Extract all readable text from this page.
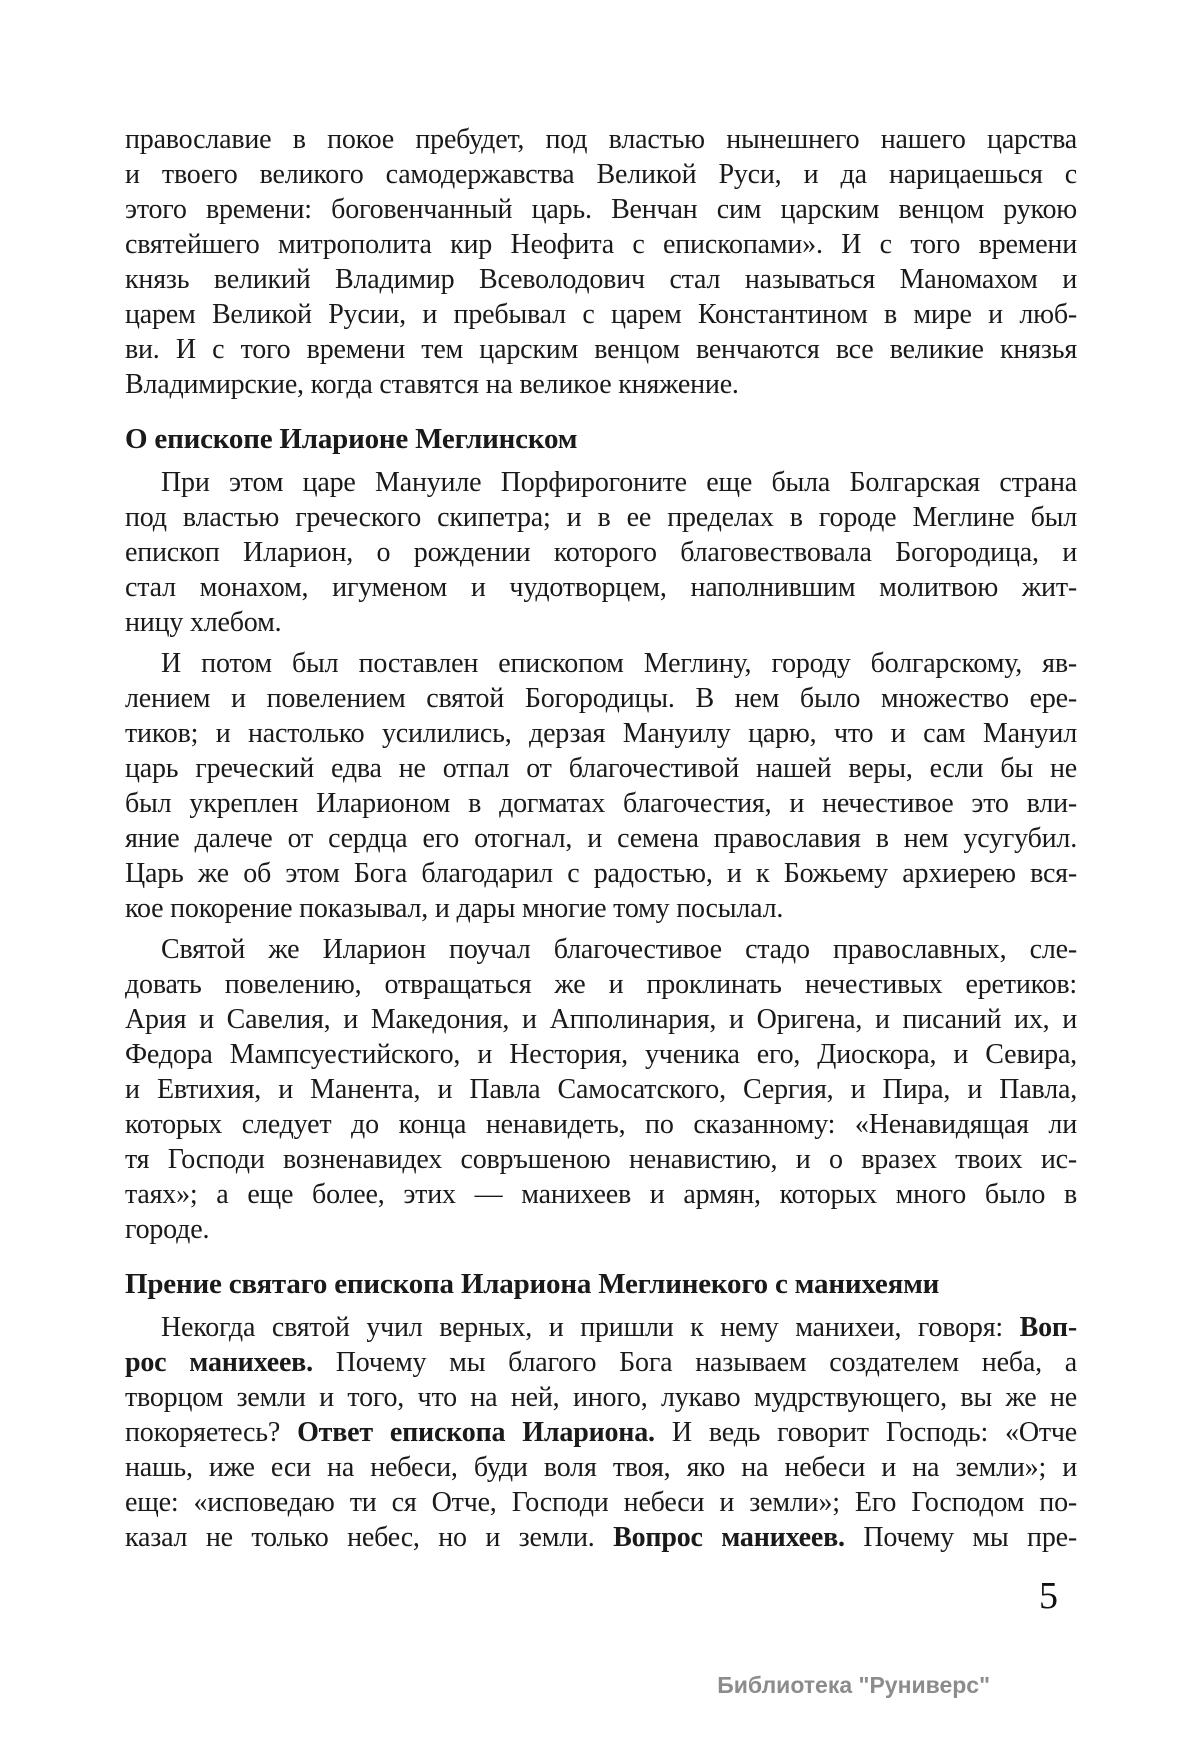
православие в покое пребудет, под властью нынешнего нашего царства
и твоего великого самодержавства Великой Руси, и да нарицаешься с
этого времени: боговенчанный царь. Венчан сим царским венцом рукою
святейшего митрополита кир Неофита с епископами». И с того времени
князь великий Владимир Всеволодович стал называться Маномахом и
царем Великой Русии, и пребывал с царем Константином в мире и люб-
ви. И с того времени тем царским венцом венчаются все великие князья
Владимирские, когда ставятся на великое княжение.
О епископе Иларионе Меглинском
При этом царе Мануиле Порфирогоните еще была Болгарская страна
под властью греческого скипетра; и в ее пределах в городе Меглине был
епископ Иларион, о рождении которого благовествовала Богородица, и
стал монахом, игуменом и чудотворцем, наполнившим молитвою жит-
ницу хлебом.
И потом был поставлен епископом Меглину, городу болгарскому, яв-
лением и повелением святой Богородицы. В нем было множество ере-
тиков; и настолько усилились, дерзая Мануилу царю, что и сам Мануил
царь греческий едва не отпал от благочестивой нашей веры, если бы не
был укреплен Иларионом в догматах благочестия, и нечестивое это вли-
яние далече от сердца его отогнал, и семена православия в нем усугубил.
Царь же об этом Бога благодарил с радостью, и к Божьему архиерею вся-
кое покорение показывал, и дары многие тому посылал.
Святой же Иларион поучал благочестивое стадо православных, сле-
довать повелению, отвращаться же и проклинать нечестивых еретиков:
Ария и Савелия, и Македония, и Апполинария, и Оригена, и писаний их, и
Федора Мампсуестийского, и Нестория, ученика его, Диоскора, и Севира,
и Евтихия, и Манента, и Павла Самосатского, Сергия, и Пира, и Павла,
которых следует до конца ненавидеть, по сказанному: «Ненавидящая ли
тя Господи возненавидех совръшеною ненавистию, и о вразех твоих ис-
таях»; а еще более, этих — манихеев и армян, которых много было в
городе.
Прение святаго епископа Илариона Меглинекого с манихеями
Некогда святой учил верных, и пришли к нему манихеи, говоря: Воп-
рос манихеев. Почему мы благого Бога называем создателем неба, а
творцом земли и того, что на ней, иного, лукаво мудрствующего, вы же не
покоряетесь? Ответ епископа Илариона. И ведь говорит Господь: «Отче
нашь, иже еси на небеси, буди воля твоя, яко на небеси и на земли»; и
еще: «исповедаю ти ся Отче, Господи небеси и земли»; Его Господом по-
казал не только небес, но и земли. Вопрос манихеев. Почему мы пре-
5
Библиотека "Руниверс"
